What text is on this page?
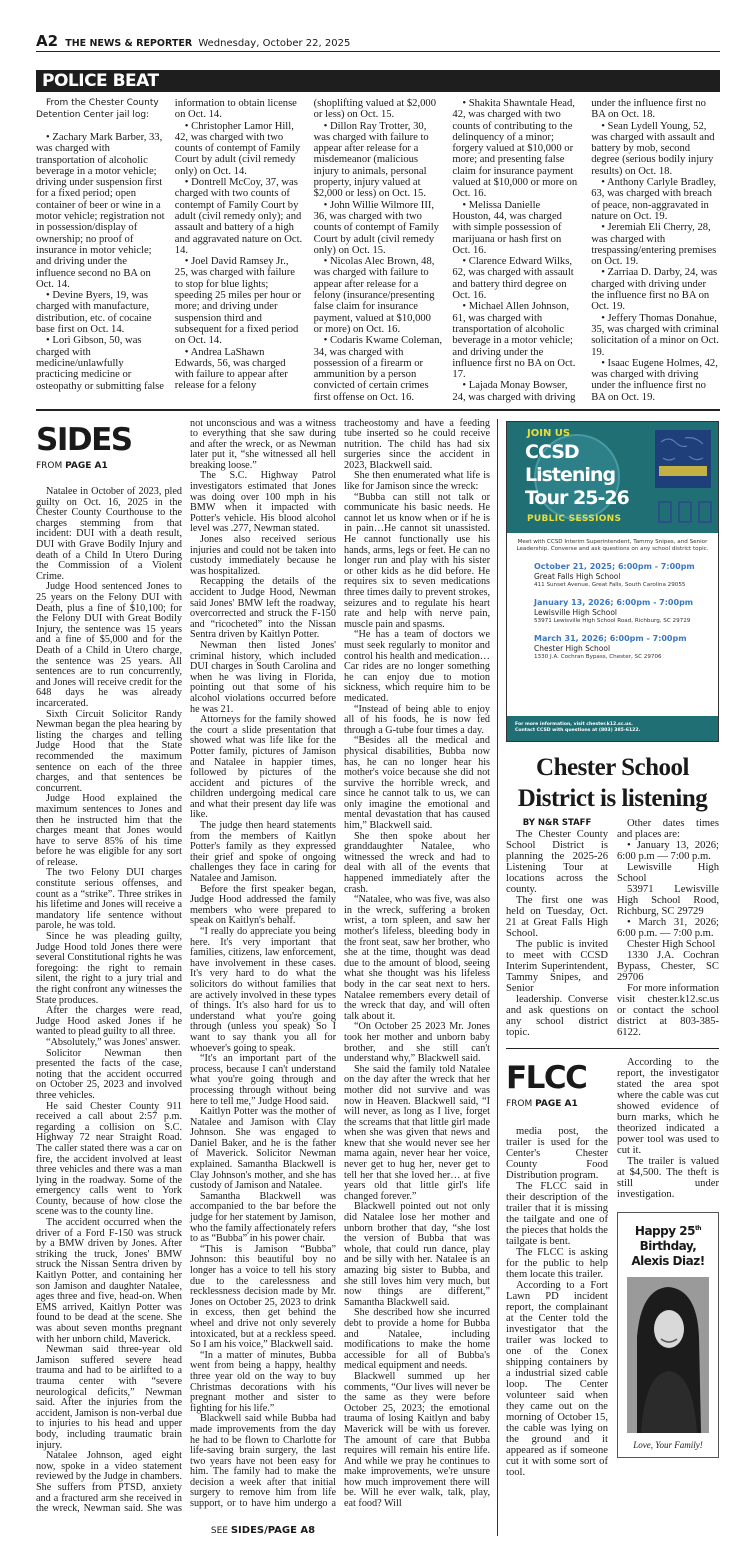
A2 THE NEWS & REPORTER Wednesday, October 22, 2025
POLICE BEAT

From the Chester County Detention Center jail log:

• Zachary Mark Barber, 33, was charged with transportation of alcoholic beverage in a motor vehicle; driving under suspension first for a fixed period; open container of beer or wine in a motor vehicle; registration not in possession/display of ownership; no proof of insurance in motor vehicle; and driving under the influence second no BA on Oct. 14.

• Devine Byers, 19, was charged with manufacture, distribution, etc. of cocaine base first on Oct. 14.

• Lori Gibson, 50, was charged with medicine/unlawfully practicing medicine or osteopathy or submitting false information to obtain license on Oct. 14.

• Christopher Lamor Hill, 42, was charged with two counts of contempt of Family Court by adult (civil remedy only) on Oct. 14.

• Dontrell McCoy, 37, was charged with two counts of contempt of Family Court by adult (civil remedy only); and assault and battery of a high and aggravated nature on Oct. 14.

• Joel David Ramsey Jr., 25, was charged with failure to stop for blue lights; speeding 25 miles per hour or more; and driving under suspension third and subsequent for a fixed period on Oct. 14.

• Andrea LaShawn Edwards, 56, was charged with failure to appear after release for a felony (shoplifting valued at $2,000 or less) on Oct. 15.

• Dillon Ray Trotter, 30, was charged with failure to appear after release for a misdemeanor (malicious injury to animals, personal property, injury valued at $2,000 or less) on Oct. 15.

• John Willie Wilmore III, 36, was charged with two counts of contempt of Family Court by adult (civil remedy only) on Oct. 15.

• Nicolas Alec Brown, 48, was charged with failure to appear after release for a felony (insurance/presenting false claim for insurance payment, valued at $10,000 or more) on Oct. 16.

• Codaris Kwame Coleman, 34, was charged with possession of a firearm or ammunition by a person convicted of certain crimes first offense on Oct. 16.

• Shakita Shawntale Head, 42, was charged with two counts of contributing to the delinquency of a minor; forgery valued at $10,000 or more; and presenting false claim for insurance payment valued at $10,000 or more on Oct. 16.

• Melissa Danielle Houston, 44, was charged with simple possession of marijuana or hash first on Oct. 16.

• Clarence Edward Wilks, 62, was charged with assault and battery third degree on Oct. 16.

• Michael Allen Johnson, 61, was charged with transportation of alcoholic beverage in a motor vehicle; and driving under the influence first no BA on Oct. 17.

• Lajada Monay Bowser, 24, was charged with driving under the influence first no BA on Oct. 18.

• Sean Lydell Young, 52, was charged with assault and battery by mob, second degree (serious bodily injury results) on Oct. 18.

• Anthony Carlyle Bradley, 63, was charged with breach of peace, non-aggravated in nature on Oct. 19.

• Jeremiah Eli Cherry, 28, was charged with trespassing/entering premises on Oct. 19.

• Zarriaa D. Darby, 24, was charged with driving under the influence first no BA on Oct. 19.

• Jeffery Thomas Donahue, 35, was charged with criminal solicitation of a minor on Oct. 19.

• Isaac Eugene Holmes, 42, was charged with driving under the influence first no BA on Oct. 19.

SIDES
FROM PAGE A1

Natalee in October of 2023, pled guilty on Oct. 16, 2025 in the Chester County Courthouse to the charges stemming from that incident: DUI with a death result, DUI with Grave Bodily Injury and death of a Child In Utero During the Commission of a Violent Crime.

Judge Hood sentenced Jones to 25 years on the Felony DUI with Death, plus a fine of $10,100; for the Felony DUI with Great Bodily Injury, the sentence was 15 years and a fine of $5,000 and for the Death of a Child in Utero charge, the sentence was 25 years. All sentences are to run concurrently, and Jones will receive credit for the 648 days he was already incarcerated.

Sixth Circuit Solicitor Randy Newman began the plea hearing by listing the charges and telling Judge Hood that the State recommended the maximum sentence on each of the three charges, and that sentences be concurrent.

Judge Hood explained the maximum sentences to Jones and then he instructed him that the charges meant that Jones would have to serve 85% of his time before he was eligible for any sort of release.

The two Felony DUI charges constitute serious offenses, and count as a “strike”. Three strikes in his lifetime and Jones will receive a mandatory life sentence without parole, he was told.

Since he was pleading guilty, Judge Hood told Jones there were several Constitutional rights he was foregoing: the right to remain silent, the right to a jury trial and the right confront any witnesses the State produces.

After the charges were read, Judge Hood asked Jones if he wanted to plead guilty to all three.

“Absolutely,” was Jones' answer.

Solicitor Newman then presented the facts of the case, noting that the accident occurred on October 25, 2023 and involved three vehicles.

He said Chester County 911 received a call about 2:57 p.m. regarding a collision on S.C. Highway 72 near Straight Road. The caller stated there was a car on fire, the accident involved at least three vehicles and there was a man lying in the roadway. Some of the emergency calls went to York County, because of how close the scene was to the county line.

The accident occurred when the driver of a Ford F-150 was struck by a BMW driven by Jones. After striking the truck, Jones' BMW struck the Nissan Sentra driven by Kaitlyn Potter, and containing her son Jamison and daughter Natalee, ages three and five, head-on. When EMS arrived, Kaitlyn Potter was found to be dead at the scene. She was about seven months pregnant with her unborn child, Maverick.

Newman said three-year old Jamison suffered severe head trauma and had to be airlifted to a trauma center with “severe neurological deficits,” Newman said. After the injuries from the accident, Jamison is non-verbal due to injuries to his head and upper body, including traumatic brain injury.

Natalee Johnson, aged eight now, spoke in a video statement reviewed by the Judge in chambers. She suffers from PTSD, anxiety and a fractured arm she received in the wreck, Newman said. She was not unconscious and was a witness to everything that she saw during and after the wreck, or as Newman later put it, “she witnessed all hell breaking loose.”

The S.C. Highway Patrol investigators estimated that Jones was doing over 100 mph in his BMW when it impacted with Potter's vehicle. His blood alcohol level was .277, Newman stated.

Jones also received serious injuries and could not be taken into custody immediately because he was hospitalized.

Recapping the details of the accident to Judge Hood, Newman said Jones' BMW left the roadway, overcorrected and struck the F-150 and “ricocheted” into the Nissan Sentra driven by Kaitlyn Potter.

Newman then listed Jones' criminal history, which included DUI charges in South Carolina and when he was living in Florida, pointing out that some of his alcohol violations occurred before he was 21.

Attorneys for the family showed the court a slide presentation that showed what was life like for the Potter family, pictures of Jamison and Natalee in happier times, followed by pictures of the accident and pictures of the children undergoing medical care and what their present day life was like.

The judge then heard statements from the members of Kaitlyn Potter's family as they expressed their grief and spoke of ongoing challenges they face in caring for Natalee and Jamison.

Before the first speaker began, Judge Hood addressed the family members who were prepared to speak on Kaitlyn's behalf.

“I really do appreciate you being here. It's very important that families, citizens, law enforcement, have involvement in these cases. It's very hard to do what the solicitors do without families that are actively involved in these types of things. It's also hard for us to understand what you're going through (unless you speak) So I want to say thank you all for whoever's going to speak.

“It's an important part of the process, because I can't understand what you're going through and processing through without being here to tell me,” Judge Hood said.

Kaitlyn Potter was the mother of Natalee and Jamison with Clay Johnson. She was engaged to Daniel Baker, and he is the father of Maverick. Solicitor Newman explained. Samantha Blackwell is Clay Johnson's mother, and she has custody of Jamison and Natalee.

Samantha Blackwell was accompanied to the bar before the judge for her statement by Jamison, who the family affectionately refers to as “Bubba” in his power chair.

“This is Jamison “Bubba” Johnson: this beautiful boy no longer has a voice to tell his story due to the carelessness and recklessness decision made by Mr. Jones on October 25, 2023 to drink in excess, then get behind the wheel and drive not only severely intoxicated, but at a reckless speed. So I am his voice,” Blackwell said.

“In a matter of minutes, Bubba went from being a happy, healthy three year old on the way to buy Christmas decorations with his pregnant mother and sister to fighting for his life.”

Blackwell said while Bubba had made improvements from the day he had to be flown to Charlotte for life-saving brain surgery, the last two years have not been easy for him. The family had to make the decision a week after that initial surgery to remove him from life support, or to have him undergo a tracheostomy and have a feeding tube inserted so he could receive nutrition. The child has had six surgeries since the accident in 2023, Blackwell said.

She then enumerated what life is like for Jamison since the wreck:

“Bubba can still not talk or communicate his basic needs. He cannot let us know when or if he is in pain…He cannot sit unassisted. He cannot functionally use his hands, arms, legs or feet. He can no longer run and play with his sister or other kids as he did before. He requires six to seven medications three times daily to prevent strokes, seizures and to regulate his heart rate and help with nerve pain, muscle pain and spasms.

“He has a team of doctors we must seek regularly to monitor and control his health and medication… Car rides are no longer something he can enjoy due to motion sickness, which require him to be medicated.

“Instead of being able to enjoy all of his foods, he is now fed through a G-tube four times a day.

“Besides all the medical and physical disabilities, Bubba now has, he can no longer hear his mother's voice because she did not survive the horrible wreck, and since he cannot talk to us, we can only imagine the emotional and mental devastation that has caused him,” Blackwell said.

She then spoke about her granddaughter Natalee, who witnessed the wreck and had to deal with all of the events that happened immediately after the crash.

“Natalee, who was five, was also in the wreck, suffering a broken wrist, a torn spleen, and saw her mother's lifeless, bleeding body in the front seat, saw her brother, who she at the time, thought was dead due to the amount of blood, seeing what she thought was his lifeless body in the car seat next to hers. Natalee remembers every detail of the wreck that day, and will often talk about it.

“On October 25 2023 Mr. Jones took her mother and unborn baby brother, and she still can't understand why,” Blackwell said.

She said the family told Natalee on the day after the wreck that her mother did not survive and was now in Heaven. Blackwell said, “I will never, as long as I live, forget the screams that that little girl made when she was given that news and knew that she would never see her mama again, never hear her voice, never get to hug her, never get to tell her that she loved her… at five years old that little girl's life changed forever.”

Blackwell pointed out not only did Natalee lose her mother and unborn brother that day, “she lost the version of Bubba that was whole, that could run dance, play and be silly with her. Natalee is an amazing big sister to Bubba, and she still loves him very much, but now things are different,” Samantha Blackwell said.

She described how she incurred debt to provide a home for Bubba and Natalee, including modifications to make the home accessible for all of Bubba's medical equipment and needs.

Blackwell summed up her comments, “Our lives will never be the same as they were before October 25, 2023; the emotional trauma of losing Kaitlyn and baby Maverick will be with us forever. The amount of care that Bubba requires will remain his entire life. And while we pray he continues to make improvements, we're unsure how much improvement there will be. Will he ever walk, talk, play, eat food? Will

SEE SIDES/PAGE A8
JOIN US
CCSD
Listening
Tour 25-26
PUBLIC SESSIONS
Meet with CCSD Interim Superintendent, Tammy Snipes, and Senior Leadership. Converse and ask questions on any school district topic.
October 21, 2025; 6:00pm - 7:00pm
Great Falls High School
411 Sunset Avenue, Great Falls, South Carolina 29055
January 13, 2026; 6:00pm - 7:00pm
Lewisville High School
53971 Lewisville High School Road, Richburg, SC 29729
March 31, 2026; 6:00pm - 7:00pm
Chester High School
1330 J.A. Cochran Bypass, Chester, SC 29706
For more information, visit chester.k12.sc.us.
Contact CCSD with questions at (803) 385-6122.
Chester School District is listening
BY N&R STAFF

The Chester County School District is planning the 2025-26 Listening Tour at locations across the county.

The first one was held on Tuesday, Oct. 21 at Great Falls High School.

The public is invited to meet with CCSD Interim Superintendent, Tammy Snipes, and Senior

leadership. Converse and ask questions on any school district topic.

Other dates times and places are:

• January 13, 2026; 6:00 p.m — 7:00 p.m.

Lewisville High School

53971 Lewisville High School Rood, Richburg, SC 29729

• March 31, 2026; 6:00 p.m. — 7:00 p.m.

Chester High School

1330 J.A. Cochran Bypass, Chester, SC 29706

For more information visit chester.k12.sc.us or contact the school district at 803-385-6122.

FLCC
FROM PAGE A1

media post, the trailer is used for the Center's Chester County Food Distribution program.

The FLCC said in their description of the trailer that it is missing the tailgate and one of the pieces that holds the tailgate is bent.

The FLCC is asking for the public to help them locate this trailer.

According to a Fort Lawn PD incident report, the complainant at the Center told the investigator that the trailer was locked to one of the Conex shipping containers by a industrial sized cable loop. The Center volunteer said when they came out on the morning of October 15, the cable was lying on the ground and it appeared as if someone cut it with some sort of tool.

According to the report, the investigator stated the area spot where the cable was cut showed evidence of burn marks, which he theorized indicated a power tool was used to cut it.

The trailer is valued at $4,500. The theft is still under investigation.

Happy 25th
Birthday,
Alexis Diaz!
Love, Your Family!
